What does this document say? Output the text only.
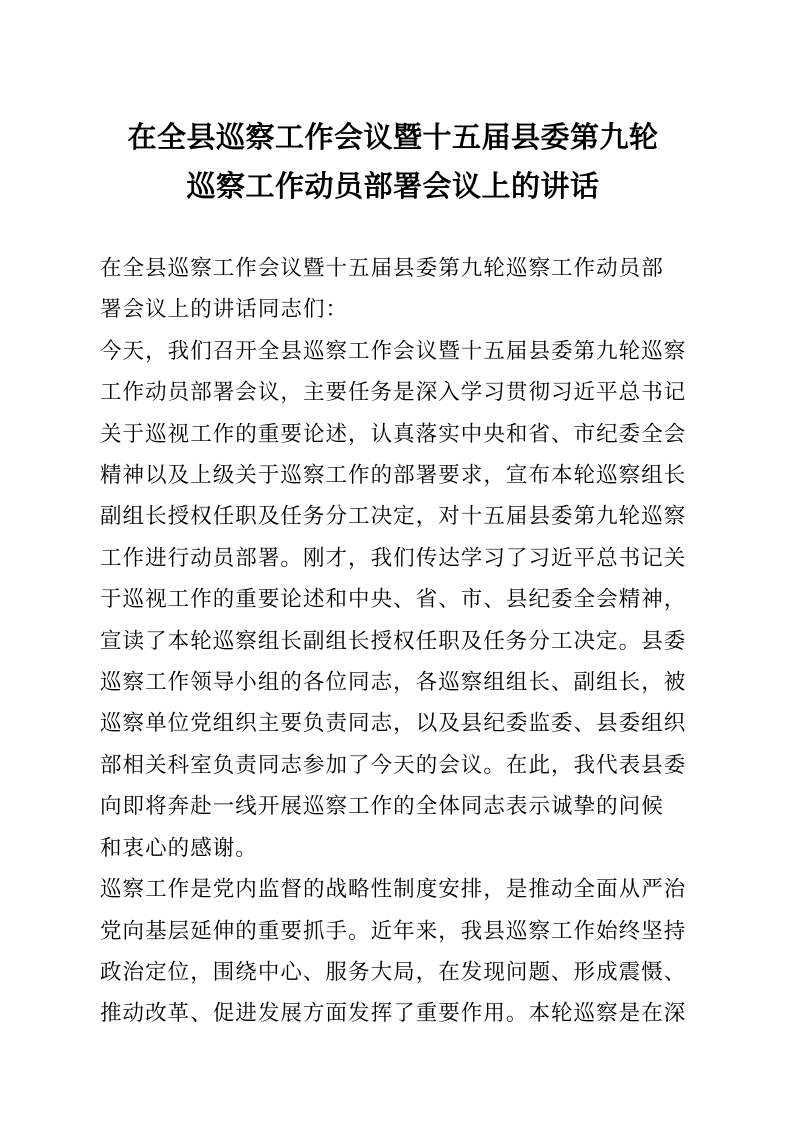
在全县巡察工作会议暨十五届县委第九轮
巡察工作动员部署会议上的讲话
在全县巡察工作会议暨十五届县委第九轮巡察工作动员部
署会议上的讲话同志们：
今天，我们召开全县巡察工作会议暨十五届县委第九轮巡察
工作动员部署会议，主要任务是深入学习贯彻习近平总书记
关于巡视工作的重要论述，认真落实中央和省、市纪委全会
精神以及上级关于巡察工作的部署要求，宣布本轮巡察组长
副组长授权任职及任务分工决定，对十五届县委第九轮巡察
工作进行动员部署。刚才，我们传达学习了习近平总书记关
于巡视工作的重要论述和中央、省、市、县纪委全会精神，
宣读了本轮巡察组长副组长授权任职及任务分工决定。县委
巡察工作领导小组的各位同志，各巡察组组长、副组长，被
巡察单位党组织主要负责同志，以及县纪委监委、县委组织
部相关科室负责同志参加了今天的会议。在此，我代表县委
向即将奔赴一线开展巡察工作的全体同志表示诚挚的问候
和衷心的感谢。
巡察工作是党内监督的战略性制度安排，是推动全面从严治
党向基层延伸的重要抓手。近年来，我县巡察工作始终坚持
政治定位，围绕中心、服务大局，在发现问题、形成震慑、
推动改革、促进发展方面发挥了重要作用。本轮巡察是在深
